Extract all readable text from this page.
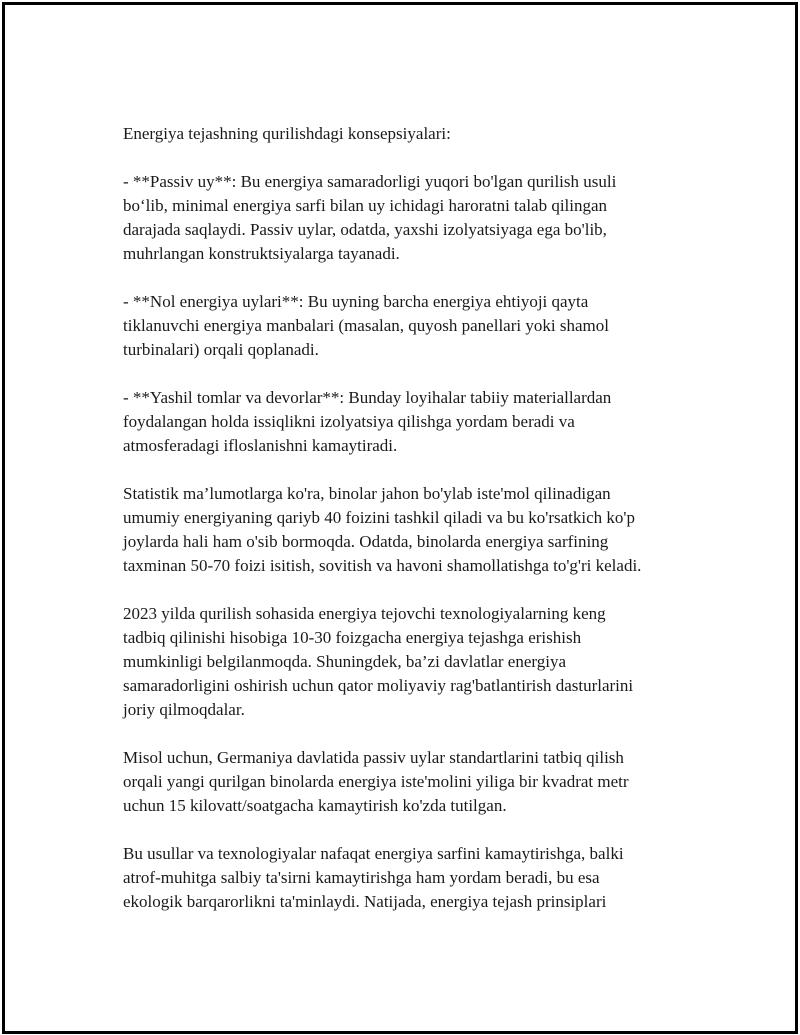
Energiya tejashning qurilishdagi konsepsiyalari:

- **Passiv uy**: Bu energiya samaradorligi yuqori bo'lgan qurilish usuli
bo‘lib, minimal energiya sarfi bilan uy ichidagi haroratni talab qilingan
darajada saqlaydi. Passiv uylar, odatda, yaxshi izolyatsiyaga ega bo'lib,
muhrlangan konstruktsiyalarga tayanadi.

- **Nol energiya uylari**: Bu uyning barcha energiya ehtiyoji qayta
tiklanuvchi energiya manbalari (masalan, quyosh panellari yoki shamol
turbinalari) orqali qoplanadi.

- **Yashil tomlar va devorlar**: Bunday loyihalar tabiiy materiallardan
foydalangan holda issiqlikni izolyatsiya qilishga yordam beradi va
atmosferadagi ifloslanishni kamaytiradi.

Statistik ma’lumotlarga ko'ra, binolar jahon bo'ylab iste'mol qilinadigan
umumiy energiyaning qariyb 40 foizini tashkil qiladi va bu ko'rsatkich ko'p
joylarda hali ham o'sib bormoqda. Odatda, binolarda energiya sarfining
taxminan 50-70 foizi isitish, sovitish va havoni shamollatishga to'g'ri keladi.

2023 yilda qurilish sohasida energiya tejovchi texnologiyalarning keng
tadbiq qilinishi hisobiga 10-30 foizgacha energiya tejashga erishish
mumkinligi belgilanmoqda. Shuningdek, ba’zi davlatlar energiya
samaradorligini oshirish uchun qator moliyaviy rag'batlantirish dasturlarini
joriy qilmoqdalar.

Misol uchun, Germaniya davlatida passiv uylar standartlarini tatbiq qilish
orqali yangi qurilgan binolarda energiya iste'molini yiliga bir kvadrat metr
uchun 15 kilovatt/soatgacha kamaytirish ko'zda tutilgan.

Bu usullar va texnologiyalar nafaqat energiya sarfini kamaytirishga, balki
atrof-muhitga salbiy ta'sirni kamaytirishga ham yordam beradi, bu esa
ekologik barqarorlikni ta'minlaydi. Natijada, energiya tejash prinsiplari
